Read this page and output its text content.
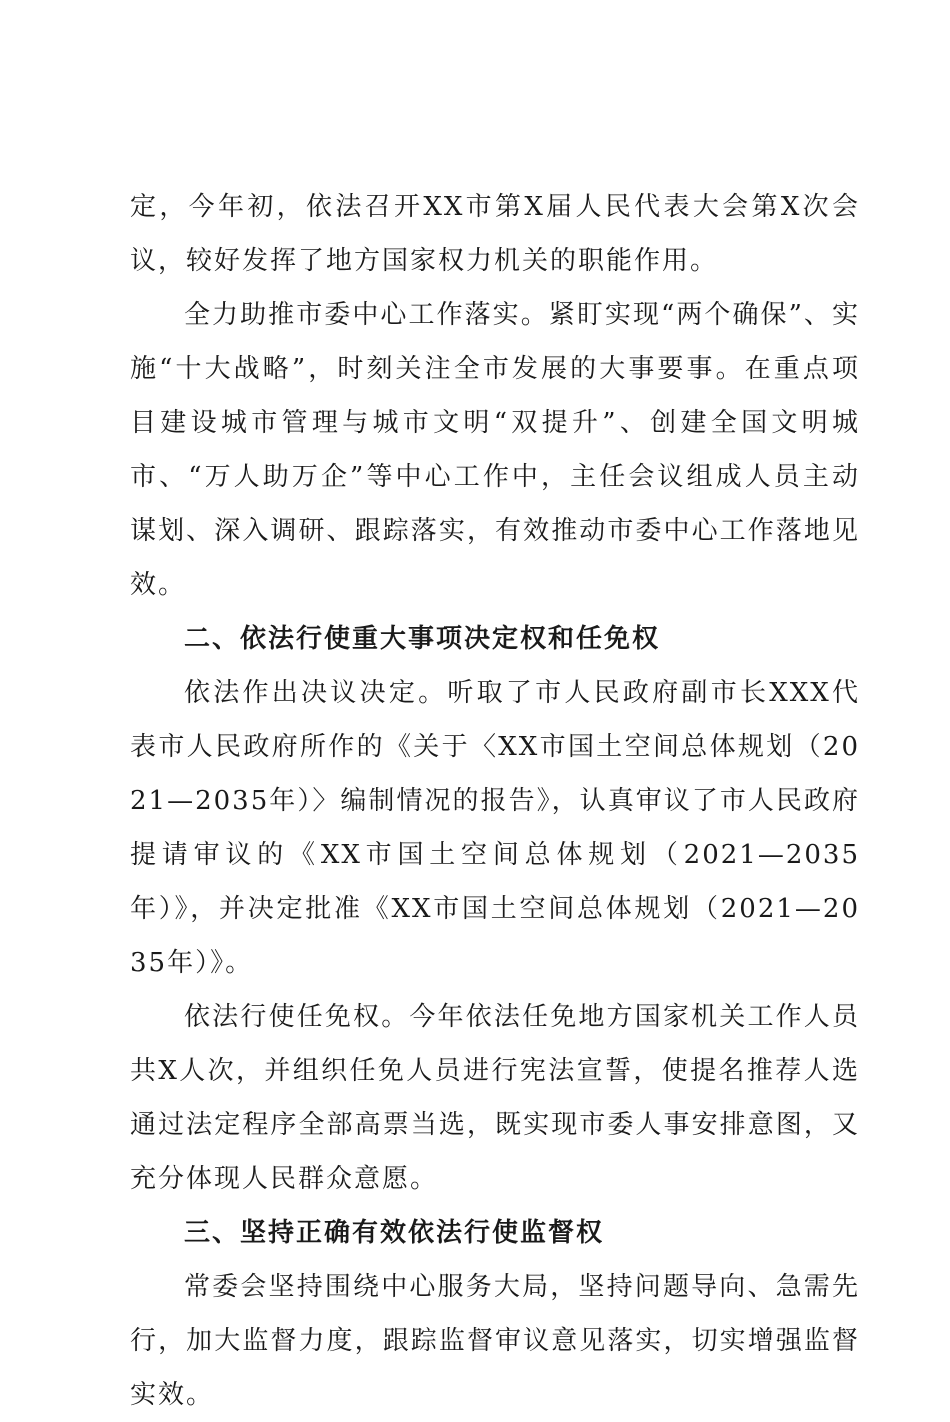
定，今年初，依法召开XX市第X届人民代表大会第X次会议，较好发挥了地方国家权力机关的职能作用。

全力助推市委中心工作落实。紧盯实现“两个确保”、实施“十大战略”，时刻关注全市发展的大事要事。在重点项目建设城市管理与城市文明“双提升”、创建全国文明城市、“万人助万企”等中心工作中，主任会议组成人员主动谋划、深入调研、跟踪落实，有效推动市委中心工作落地见效。

二、依法行使重大事项决定权和任免权

依法作出决议决定。听取了市人民政府副市长XXX代表市人民政府所作的《关于〈XX市国土空间总体规划（2021—2035年）〉编制情况的报告》，认真审议了市人民政府提请审议的《XX市国土空间总体规划（2021—2035年）》，并决定批准《XX市国土空间总体规划（2021—2035年）》。

依法行使任免权。今年依法任免地方国家机关工作人员共X人次，并组织任免人员进行宪法宣誓，使提名推荐人选通过法定程序全部高票当选，既实现市委人事安排意图，又充分体现人民群众意愿。

三、坚持正确有效依法行使监督权

常委会坚持围绕中心服务大局，坚持问题导向、急需先行，加大监督力度，跟踪监督审议意见落实，切实增强监督实效。
